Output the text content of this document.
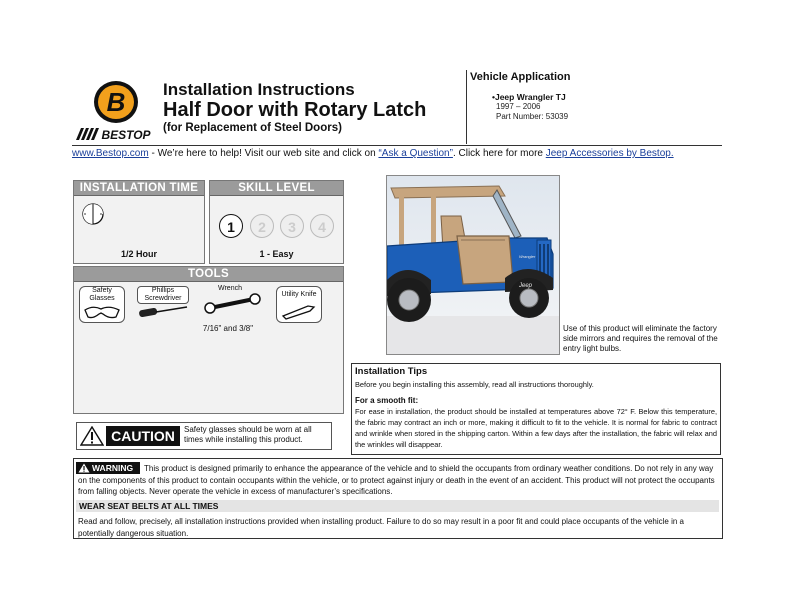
B
BESTOP
Installation Instructions
Half Door with Rotary Latch
(for Replacement of Steel Doors)
Vehicle Application
•Jeep Wrangler TJ
1997 – 2006
Part Number: 53039
www.Bestop.com - We’re here to help! Visit our web site and click on “Ask a Question”. Click here for more Jeep Accessories by Bestop.
INSTALLATION TIME
1/2 Hour
SKILL LEVEL
1	2	3	4
1 - Easy
TOOLS
Safety Glasses
Phillips Screwdriver
Wrench
7/16" and 3/8"
Utility Knife
CAUTION	Safety glasses should be worn at all times while installing this product.
Jeep
Wrangler
Use of this product will eliminate the factory side mirrors and requires the removal of the entry light bulbs.
Installation Tips
Before you begin installing this assembly, read all instructions thoroughly.
For a smooth fit:
For ease in installation, the product should be installed at temperatures above 72° F. Below this temperature, the fabric may contract an inch or more, making it difficult to fit to the vehicle. It is normal for fabric to contract and wrinkle when stored in the shipping carton. Within a few days after the installation, the fabric will relax and the wrinkles will disappear.
This product is designed primarily to enhance the appearance of the vehicle and to shield the occupants from ordinary weather conditions. Do not rely in any way on the components of this product to contain occupants within the vehicle, or to protect against injury or death in the event of an accident. This product will not protect the occupants from falling objects. Never operate the vehicle in excess of manufacturer’s specifications.
WARNING
WEAR SEAT BELTS AT ALL TIMES
Read and follow, precisely, all installation instructions provided when installing product. Failure to do so may result in a poor fit and could place occupants of the vehicle in a potentially dangerous situation.
